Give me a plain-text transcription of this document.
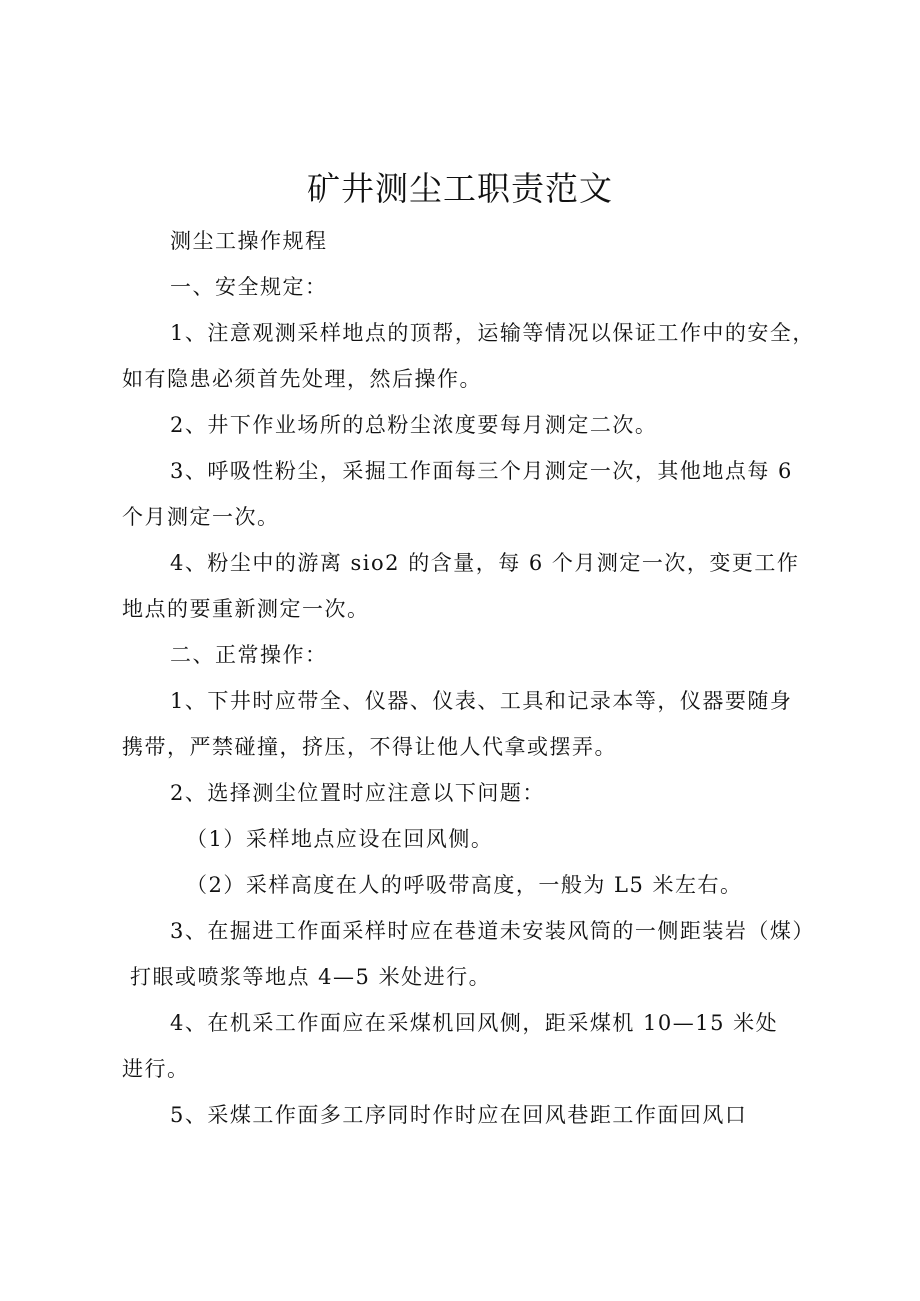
矿井测尘工职责范文
测尘工操作规程
一、安全规定：
1、注意观测采样地点的顶帮，运输等情况以保证工作中的安全，
如有隐患必须首先处理，然后操作。
2、井下作业场所的总粉尘浓度要每月测定二次。
3、呼吸性粉尘，采掘工作面每三个月测定一次，其他地点每 6
个月测定一次。
4、粉尘中的游离 sio2 的含量，每 6 个月测定一次，变更工作
地点的要重新测定一次。
二、正常操作：
1、下井时应带全、仪器、仪表、工具和记录本等，仪器要随身
携带，严禁碰撞，挤压，不得让他人代拿或摆弄。
2、选择测尘位置时应注意以下问题：
（1）采样地点应设在回风侧。
（2）采样高度在人的呼吸带高度，一般为 L5 米左右。
3、在掘进工作面采样时应在巷道未安装风筒的一侧距装岩（煤）
打眼或喷浆等地点 4—5 米处进行。
4、在机采工作面应在采煤机回风侧，距采煤机 10—15 米处
进行。
5、采煤工作面多工序同时作时应在回风巷距工作面回风口
